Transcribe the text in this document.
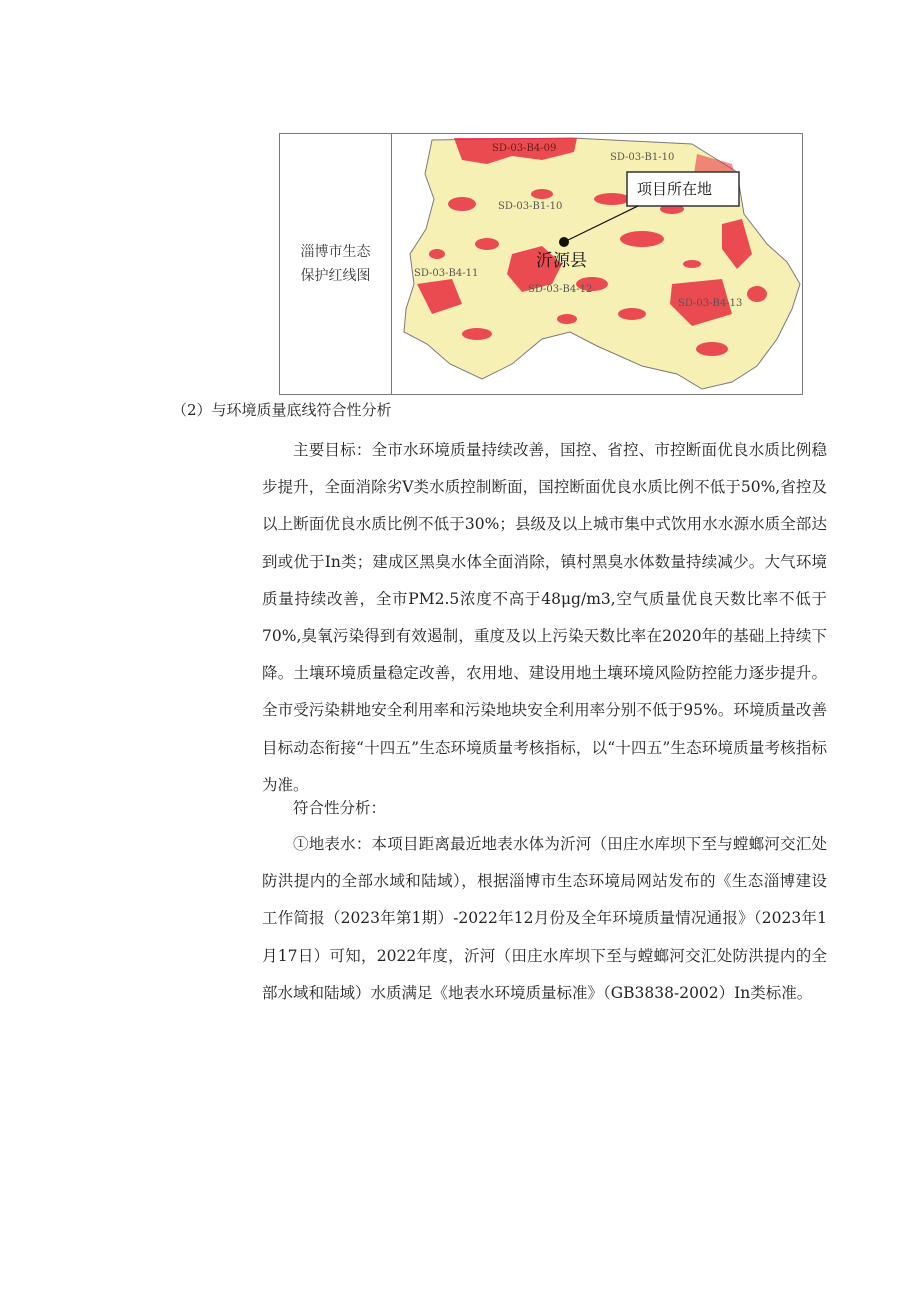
淄博市生态
保护红线图
项目所在地
沂源县
SD-03-B4-09
SD-03-B1-10
SD-03-B1-10
SD-03-B4-11
SD-03-B4-12
SD-03-B4-13
（2）与环境质量底线符合性分析

主要目标：全市水环境质量持续改善，国控、省控、市控断面优良水质比例稳步提升，全面消除劣V类水质控制断面，国控断面优良水质比例不低于50%,省控及以上断面优良水质比例不低于30%；县级及以上城市集中式饮用水水源水质全部达到或优于In类；建成区黑臭水体全面消除，镇村黑臭水体数量持续减少。大气环境质量持续改善，全市PM2.5浓度不高于48μg/m3,空气质量优良天数比率不低于70%,臭氧污染得到有效遏制，重度及以上污染天数比率在2020年的基础上持续下降。土壤环境质量稳定改善，农用地、建设用地土壤环境风险防控能力逐步提升。全市受污染耕地安全利用率和污染地块安全利用率分别不低于95%。环境质量改善目标动态衔接“十四五”生态环境质量考核指标，以“十四五”生态环境质量考核指标为准。

符合性分析：

①地表水：本项目距离最近地表水体为沂河（田庄水库坝下至与螳螂河交汇处防洪提内的全部水域和陆域），根据淄博市生态环境局网站发布的《生态淄博建设工作简报（2023年第1期）-2022年12月份及全年环境质量情况通报》（2023年1月17日）可知，2022年度，沂河（田庄水库坝下至与螳螂河交汇处防洪提内的全部水域和陆域）水质满足《地表水环境质量标准》（GB3838-2002）In类标准。
